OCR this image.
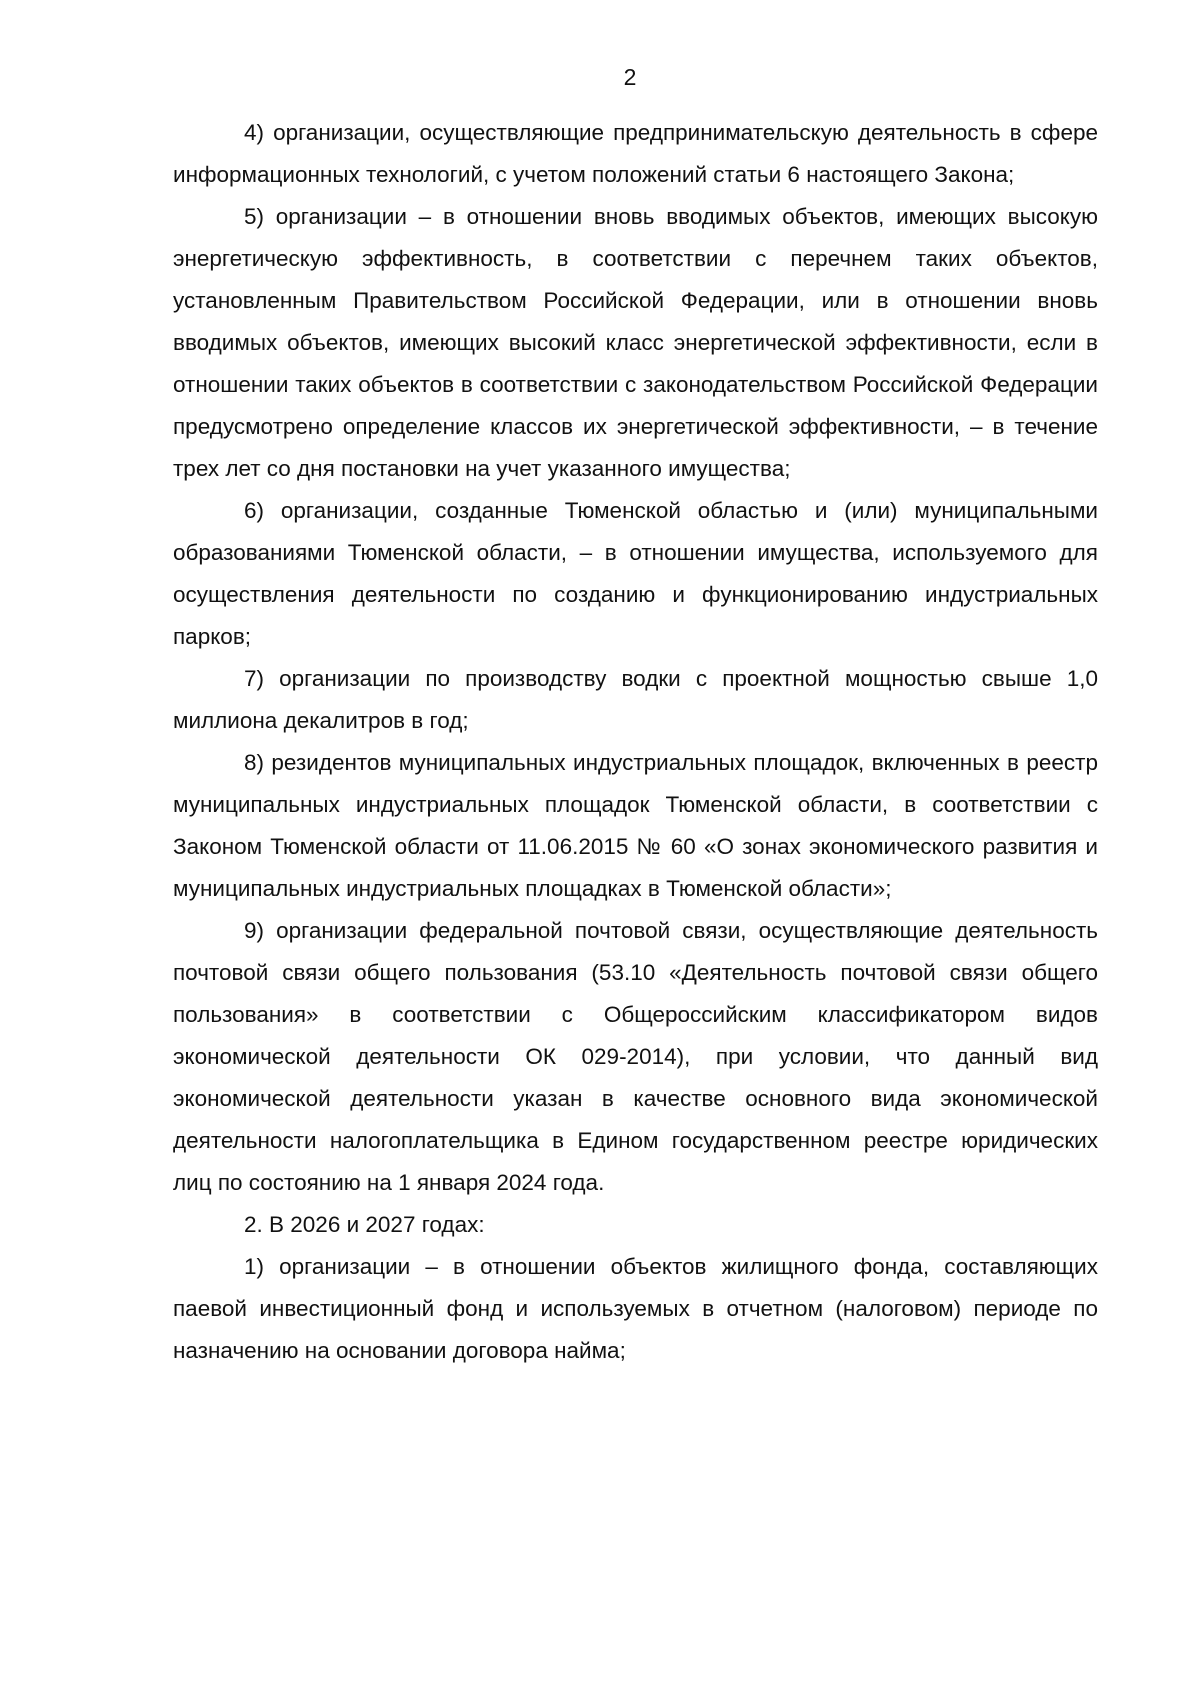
2

4) организации, осуществляющие предпринимательскую деятельность в сфере информационных технологий, с учетом положений статьи 6 настоящего Закона;

5) организации – в отношении вновь вводимых объектов, имеющих высокую энергетическую эффективность, в соответствии с перечнем таких объектов, установленным Правительством Российской Федерации, или в отношении вновь вводимых объектов, имеющих высокий класс энергетической эффективности, если в отношении таких объектов в соответствии с законодательством Российской Федерации предусмотрено определение классов их энергетической эффективности, – в течение трех лет со дня постановки на учет указанного имущества;

6) организации, созданные Тюменской областью и (или) муниципальными образованиями Тюменской области, – в отношении имущества, используемого для осуществления деятельности по созданию и функционированию индустриальных парков;

7) организации по производству водки с проектной мощностью свыше 1,0 миллиона декалитров в год;

8) резидентов муниципальных индустриальных площадок, включенных в реестр муниципальных индустриальных площадок Тюменской области, в соответствии с Законом Тюменской области от 11.06.2015 № 60 «О зонах экономического развития и муниципальных индустриальных площадках в Тюменской области»;

9) организации федеральной почтовой связи, осуществляющие деятельность почтовой связи общего пользования (53.10 «Деятельность почтовой связи общего пользования» в соответствии с Общероссийским классификатором видов экономической деятельности ОК 029-2014), при условии, что данный вид экономической деятельности указан в качестве основного вида экономической деятельности налогоплательщика в Едином государственном реестре юридических лиц по состоянию на 1 января 2024 года.

2. В 2026 и 2027 годах:

1) организации – в отношении объектов жилищного фонда, составляющих паевой инвестиционный фонд и используемых в отчетном (налоговом) периоде по назначению на основании договора найма;
